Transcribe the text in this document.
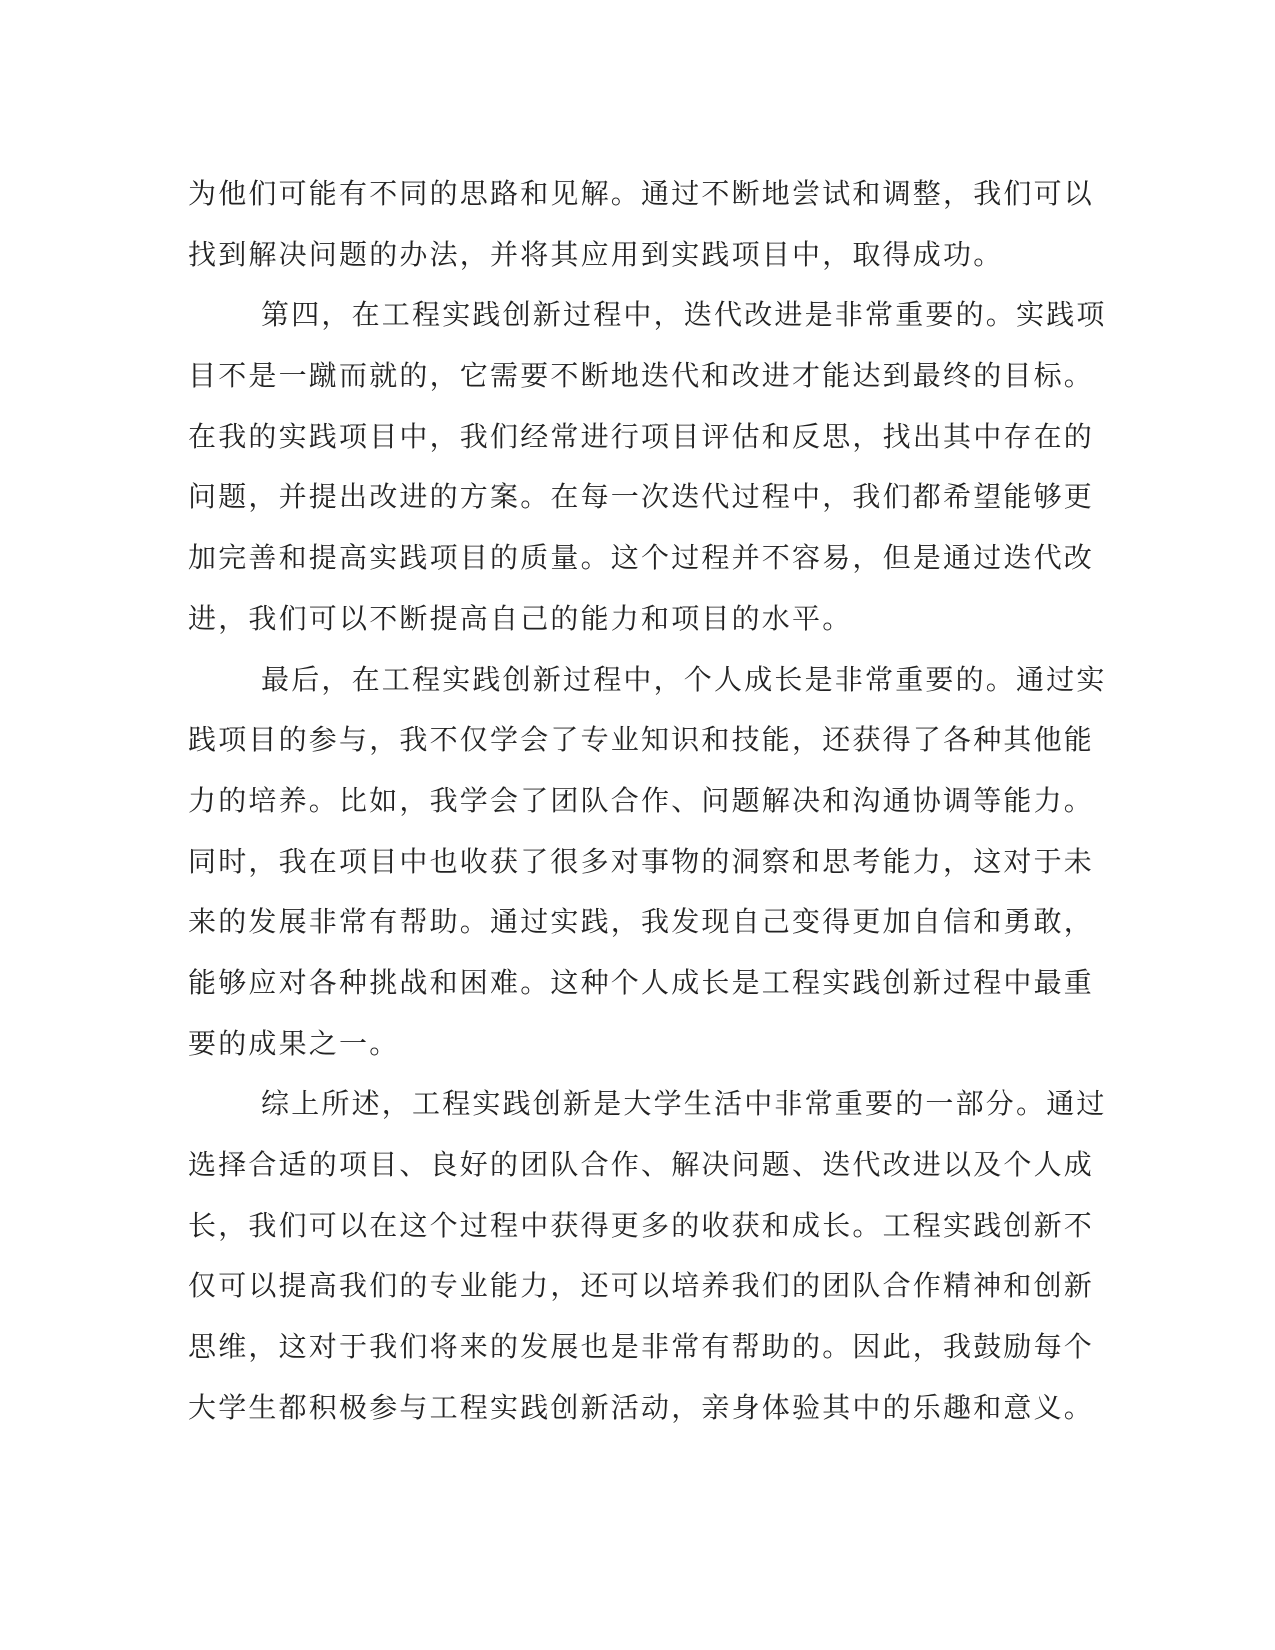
为他们可能有不同的思路和见解。通过不断地尝试和调整，我们可以
找到解决问题的办法，并将其应用到实践项目中，取得成功。
第四，在工程实践创新过程中，迭代改进是非常重要的。实践项
目不是一蹴而就的，它需要不断地迭代和改进才能达到最终的目标。
在我的实践项目中，我们经常进行项目评估和反思，找出其中存在的
问题，并提出改进的方案。在每一次迭代过程中，我们都希望能够更
加完善和提高实践项目的质量。这个过程并不容易，但是通过迭代改
进，我们可以不断提高自己的能力和项目的水平。
最后，在工程实践创新过程中，个人成长是非常重要的。通过实
践项目的参与，我不仅学会了专业知识和技能，还获得了各种其他能
力的培养。比如，我学会了团队合作、问题解决和沟通协调等能力。
同时，我在项目中也收获了很多对事物的洞察和思考能力，这对于未
来的发展非常有帮助。通过实践，我发现自己变得更加自信和勇敢，
能够应对各种挑战和困难。这种个人成长是工程实践创新过程中最重
要的成果之一。
综上所述，工程实践创新是大学生活中非常重要的一部分。通过
选择合适的项目、良好的团队合作、解决问题、迭代改进以及个人成
长，我们可以在这个过程中获得更多的收获和成长。工程实践创新不
仅可以提高我们的专业能力，还可以培养我们的团队合作精神和创新
思维，这对于我们将来的发展也是非常有帮助的。因此，我鼓励每个
大学生都积极参与工程实践创新活动，亲身体验其中的乐趣和意义。
